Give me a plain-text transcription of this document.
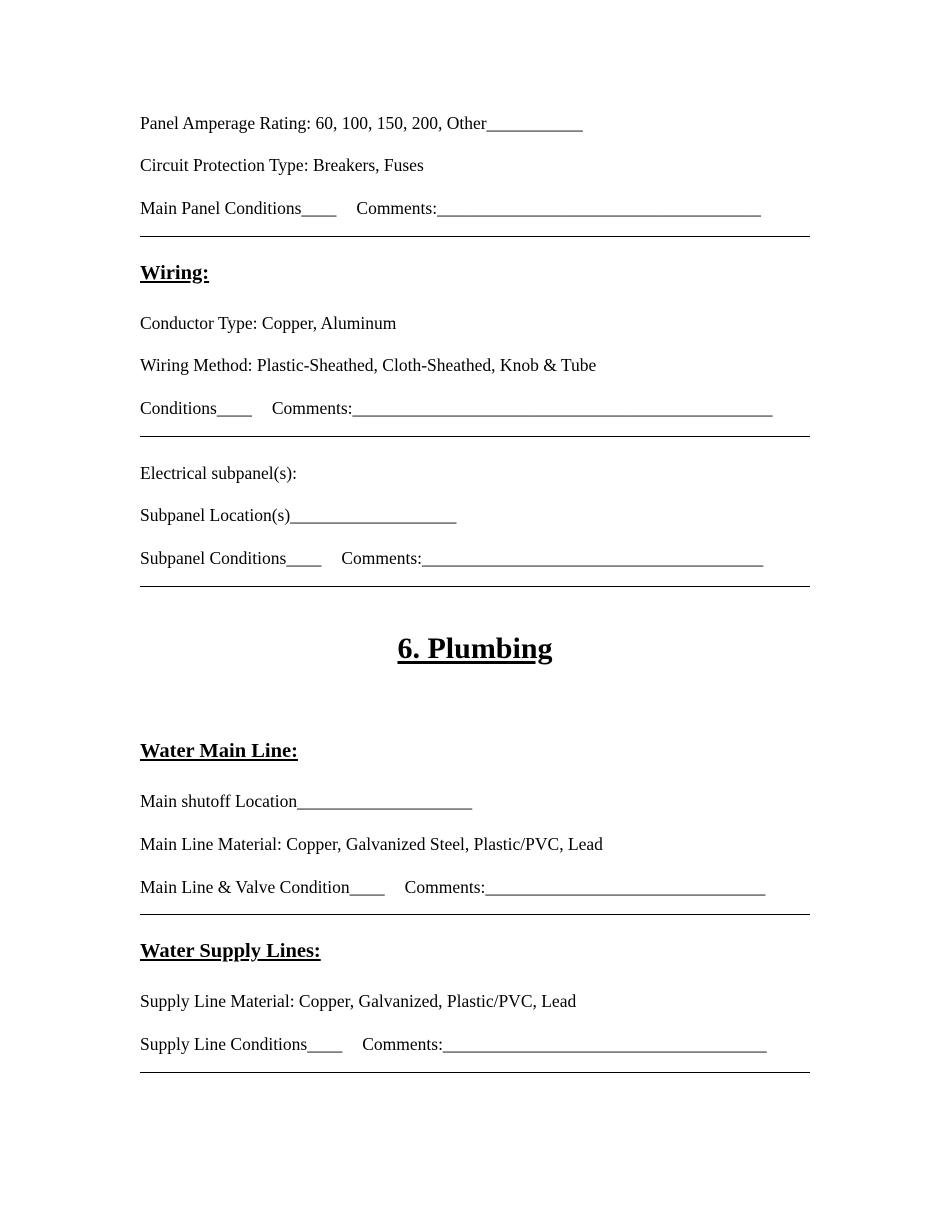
Panel Amperage Rating: 60, 100, 150, 200, Other___________
Circuit Protection Type: Breakers, Fuses
Main Panel Conditions____ Comments:_____________________________________
Wiring:
Conductor Type: Copper, Aluminum
Wiring Method: Plastic-Sheathed, Cloth-Sheathed, Knob & Tube
Conditions____ Comments:________________________________________________
Electrical subpanel(s):
Subpanel Location(s)___________________
Subpanel Conditions____ Comments:_______________________________________
6. Plumbing
Water Main Line:
Main shutoff Location____________________
Main Line Material: Copper, Galvanized Steel, Plastic/PVC, Lead
Main Line & Valve Condition____ Comments:________________________________
Water Supply Lines:
Supply Line Material: Copper, Galvanized, Plastic/PVC, Lead
Supply Line Conditions____ Comments:_____________________________________
